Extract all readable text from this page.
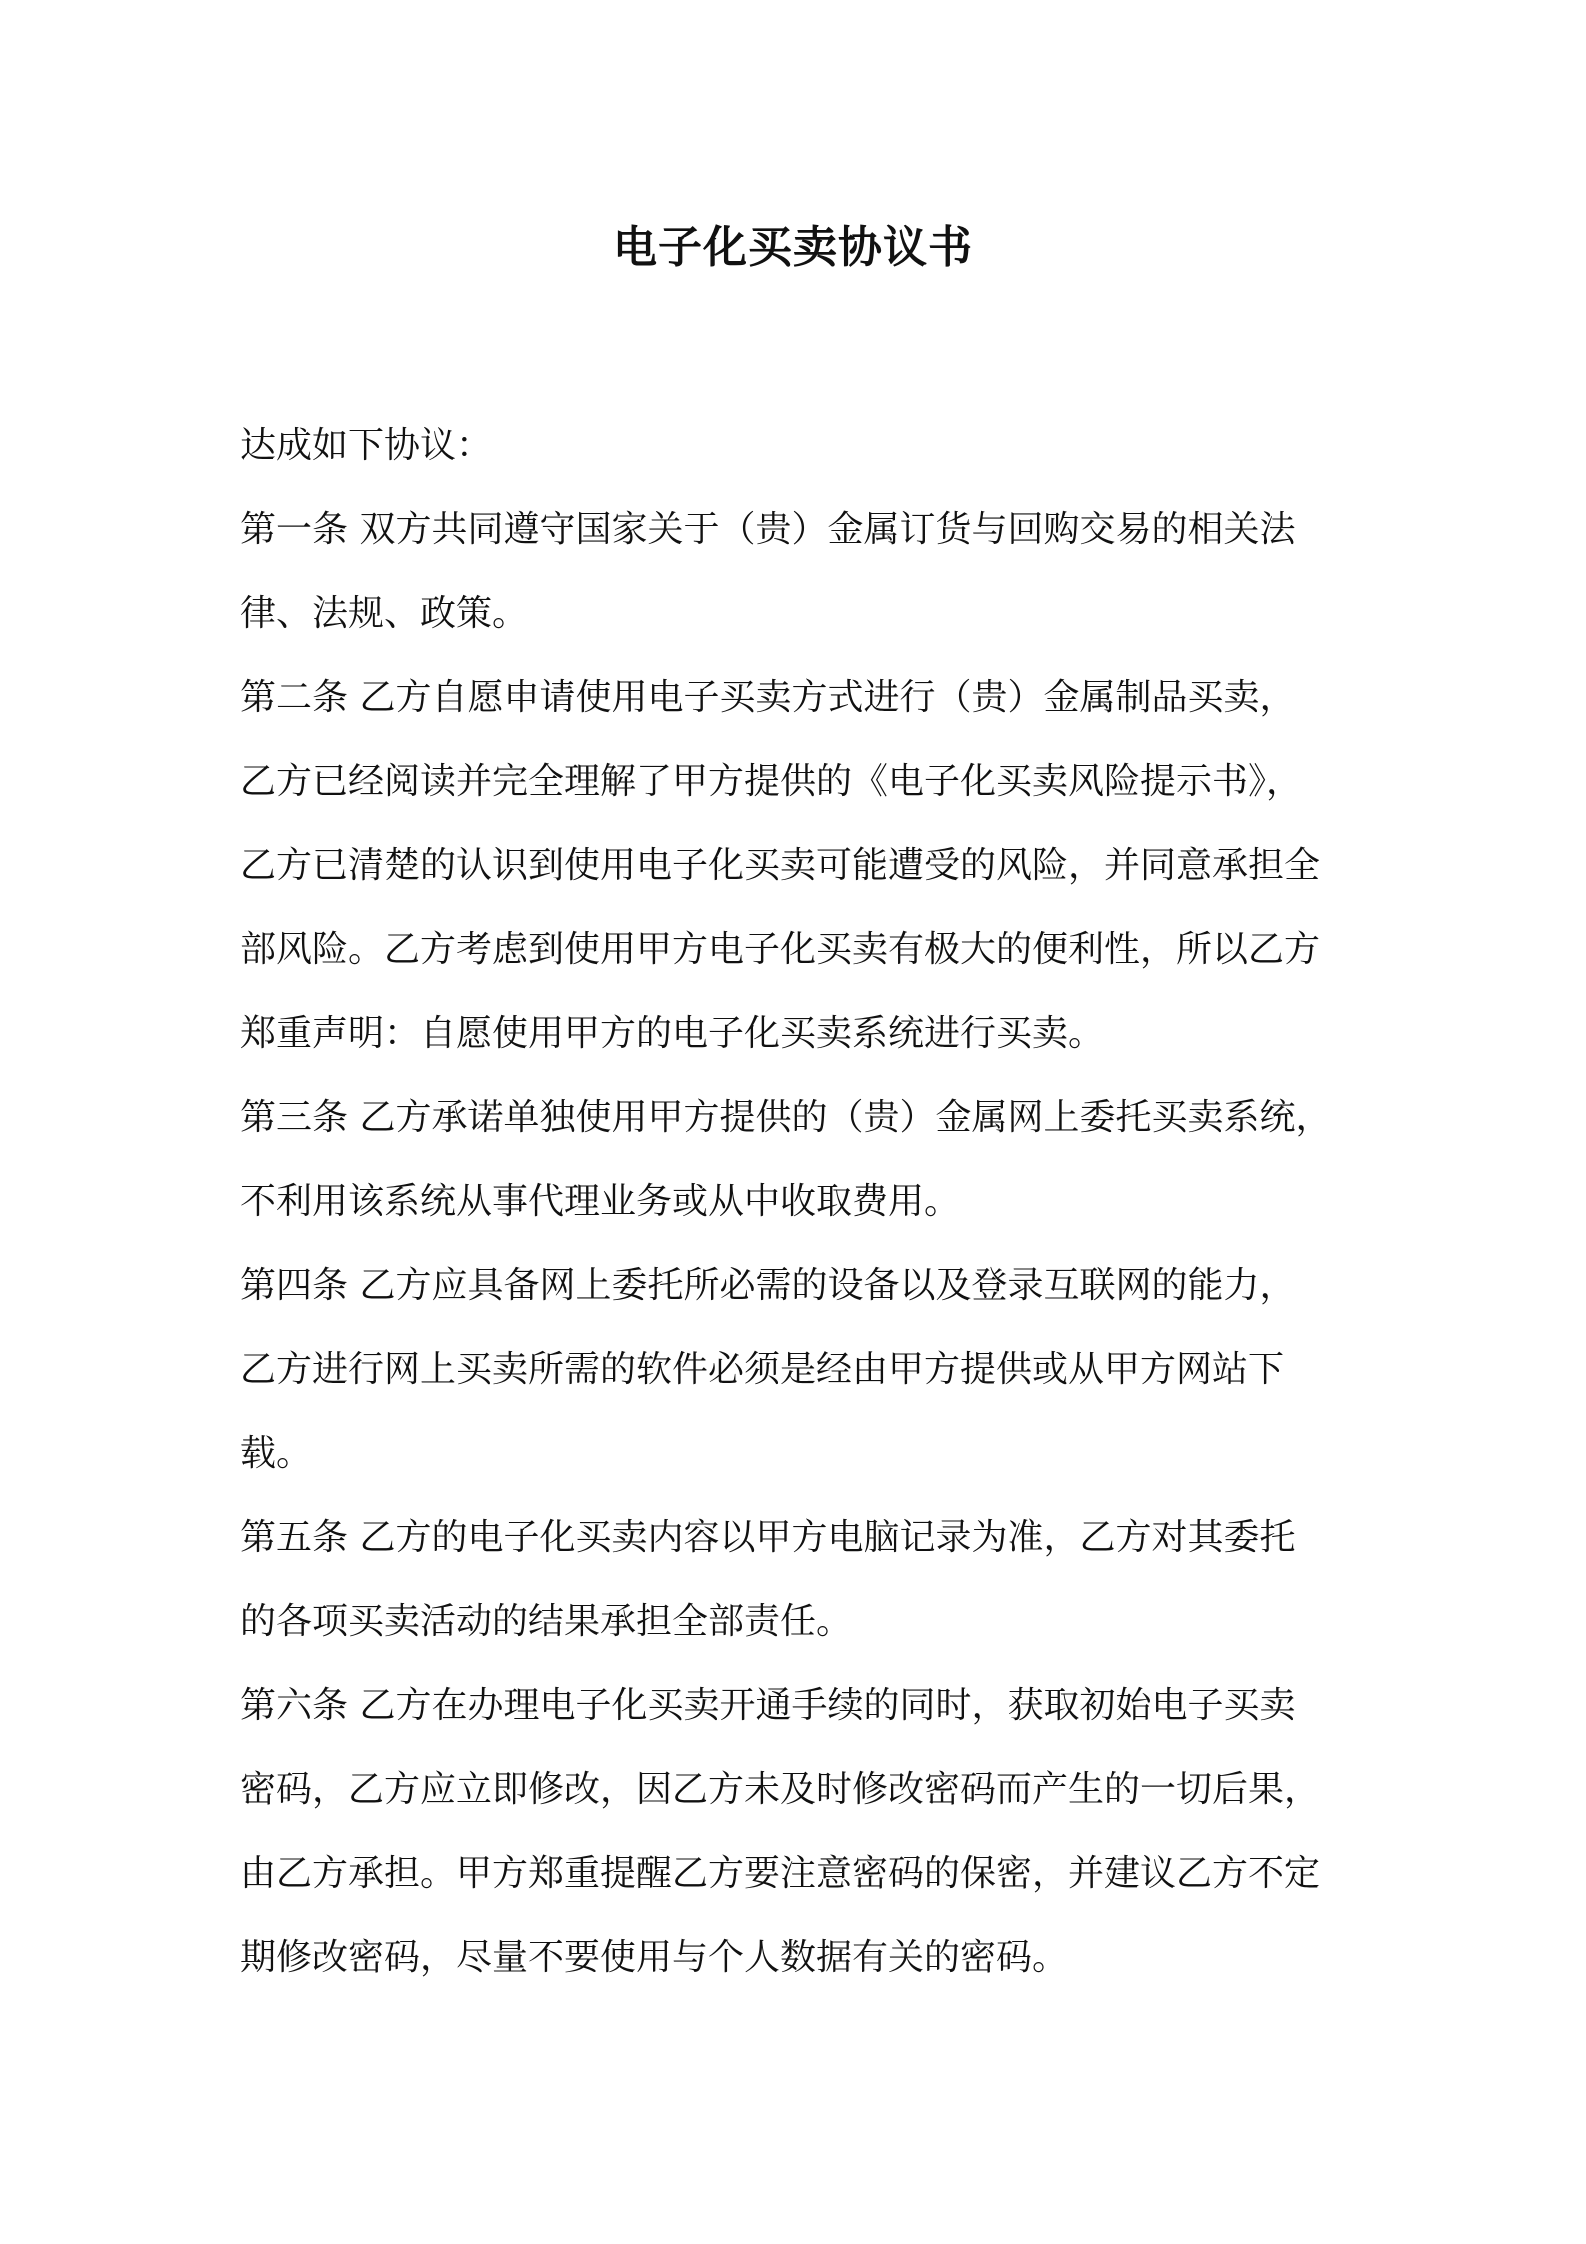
电子化买卖协议书
达成如下协议：
第一条 双方共同遵守国家关于（贵）金属订货与回购交易的相关法
律、法规、政策。
第二条 乙方自愿申请使用电子买卖方式进行（贵）金属制品买卖，
乙方已经阅读并完全理解了甲方提供的《电子化买卖风险提示书》，
乙方已清楚的认识到使用电子化买卖可能遭受的风险，并同意承担全
部风险。乙方考虑到使用甲方电子化买卖有极大的便利性，所以乙方
郑重声明：自愿使用甲方的电子化买卖系统进行买卖。
第三条 乙方承诺单独使用甲方提供的（贵）金属网上委托买卖系统，
不利用该系统从事代理业务或从中收取费用。
第四条 乙方应具备网上委托所必需的设备以及登录互联网的能力，
乙方进行网上买卖所需的软件必须是经由甲方提供或从甲方网站下
载。
第五条 乙方的电子化买卖内容以甲方电脑记录为准，乙方对其委托
的各项买卖活动的结果承担全部责任。
第六条 乙方在办理电子化买卖开通手续的同时，获取初始电子买卖
密码，乙方应立即修改，因乙方未及时修改密码而产生的一切后果，
由乙方承担。甲方郑重提醒乙方要注意密码的保密，并建议乙方不定
期修改密码，尽量不要使用与个人数据有关的密码。
